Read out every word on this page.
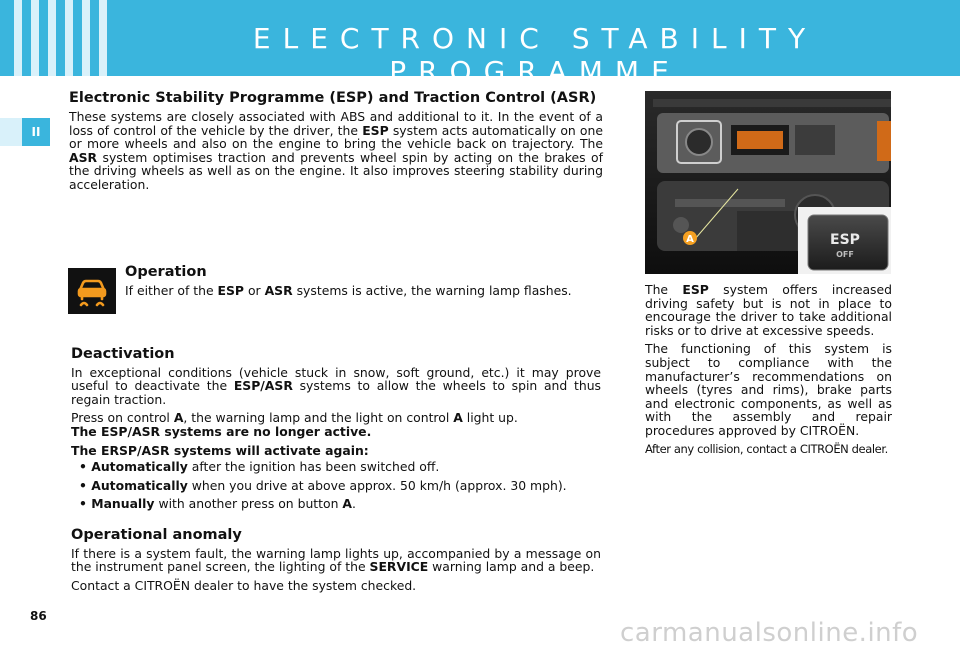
ELECTRONIC STABILITY PROGRAMME
II
Electronic Stability Programme (ESP) and Traction Control (ASR)

These systems are closely associated with ABS and additional to it. In the event of a loss of control of the vehicle by the driver, the ESP system acts automatically on one or more wheels and also on the engine to bring the vehicle back on trajectory. The ASR system optimises traction and prevents wheel spin by acting on the brakes of the driving wheels as well as on the engine. It also improves steering stability during acceleration.

Operation

If either of the ESP or ASR systems is active, the warning lamp flashes.

Deactivation

In exceptional conditions (vehicle stuck in snow, soft ground, etc.) it may prove useful to deactivate the ESP/ASR systems to allow the wheels to spin and thus regain traction.

Press on control A, the warning lamp and the light on control A light up.
The ESP/ASR systems are no longer active.

The ERSP/ASR systems will activate again:

• Automatically after the ignition has been switched off.

• Automatically when you drive at above approx. 50 km/h (approx. 30 mph).

• Manually with another press on button A.

Operational anomaly

If there is a system fault, the warning lamp lights up, accompanied by a message on the instrument panel screen, the lighting of the SERVICE warning lamp and a beep.

Contact a CITROËN dealer to have the system checked.

ESP
OFF
A

The ESP system offers increased driving safety but is not in place to encourage the driver to take additional risks or to drive at excessive speeds.

The functioning of this system is subject to compliance with the manufacturer’s recommendations on wheels (tyres and rims), brake parts and electronic components, as well as with the assembly and repair procedures approved by CITROËN.

After any collision, contact a CITROËN dealer.

86
carmanualsonline.info
